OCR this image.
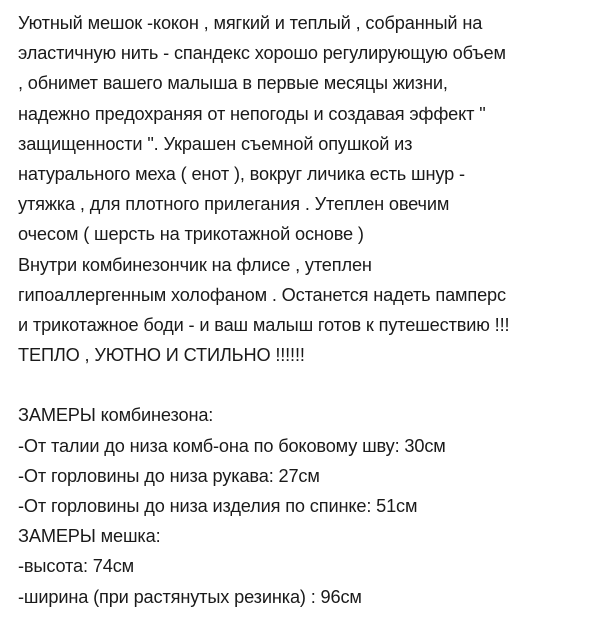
Уютный мешок -кокон , мягкий и теплый , собранный на
эластичную нить - спандекс хорошо регулирующую объем
, обнимет вашего малыша в первые месяцы жизни,
надежно предохраняя от непогоды и создавая эффект "
защищенности ". Украшен съемной опушкой из
натурального меха ( енот ), вокруг личика есть шнур -
утяжка , для плотного прилегания . Утеплен овечим
очесом ( шерсть на трикотажной основе )
Внутри комбинезончик на флисе , утеплен
гипоаллергенным холофаном . Останется надеть памперс
и трикотажное боди - и ваш малыш готов к путешествию !!!
ТЕПЛО , УЮТНО И СТИЛЬНО !!!!!!
ЗАМЕРЫ комбинезона:
-От талии до низа комб-она по боковому шву: 30см
-От горловины до низа рукава: 27см
-От горловины до низа изделия по спинке: 51см
ЗАМЕРЫ мешка:
-высота: 74см
-ширина (при растянутых резинка) : 96см
